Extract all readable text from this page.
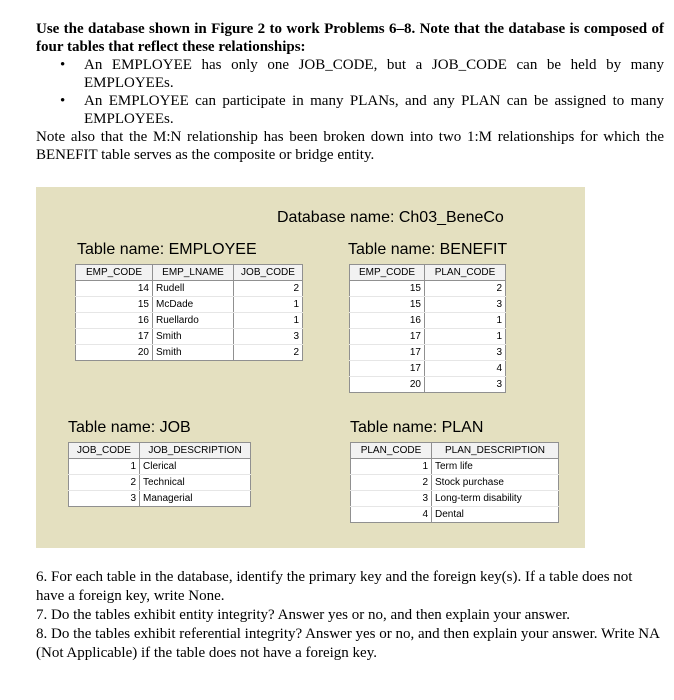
Use the database shown in Figure 2 to work Problems 6–8. Note that the database is composed of four tables that reflect these relationships:

• An EMPLOYEE has only one JOB_CODE, but a JOB_CODE can be held by many EMPLOYEEs.
• An EMPLOYEE can participate in many PLANs, and any PLAN can be assigned to many EMPLOYEEs.

Note also that the M:N relationship has been broken down into two 1:M relationships for which the BENEFIT table serves as the composite or bridge entity.

Database name: Ch03_BeneCo
Table name: EMPLOYEE
EMP_CODE	EMP_LNAME	JOB_CODE
14	Rudell	2
15	McDade	1
16	Ruellardo	1
17	Smith	3
20	Smith	2
Table name: BENEFIT
EMP_CODE	PLAN_CODE
15	2
15	3
16	1
17	1
17	3
17	4
20	3
Table name: JOB
JOB_CODE	JOB_DESCRIPTION
1	Clerical
2	Technical
3	Managerial
Table name: PLAN
PLAN_CODE	PLAN_DESCRIPTION
1	Term life
2	Stock purchase
3	Long-term disability
4	Dental

6. For each table in the database, identify the primary key and the foreign key(s). If a table does not have a foreign key, write None.

7. Do the tables exhibit entity integrity? Answer yes or no, and then explain your answer.

8. Do the tables exhibit referential integrity? Answer yes or no, and then explain your answer. Write NA (Not Applicable) if the table does not have a foreign key.
